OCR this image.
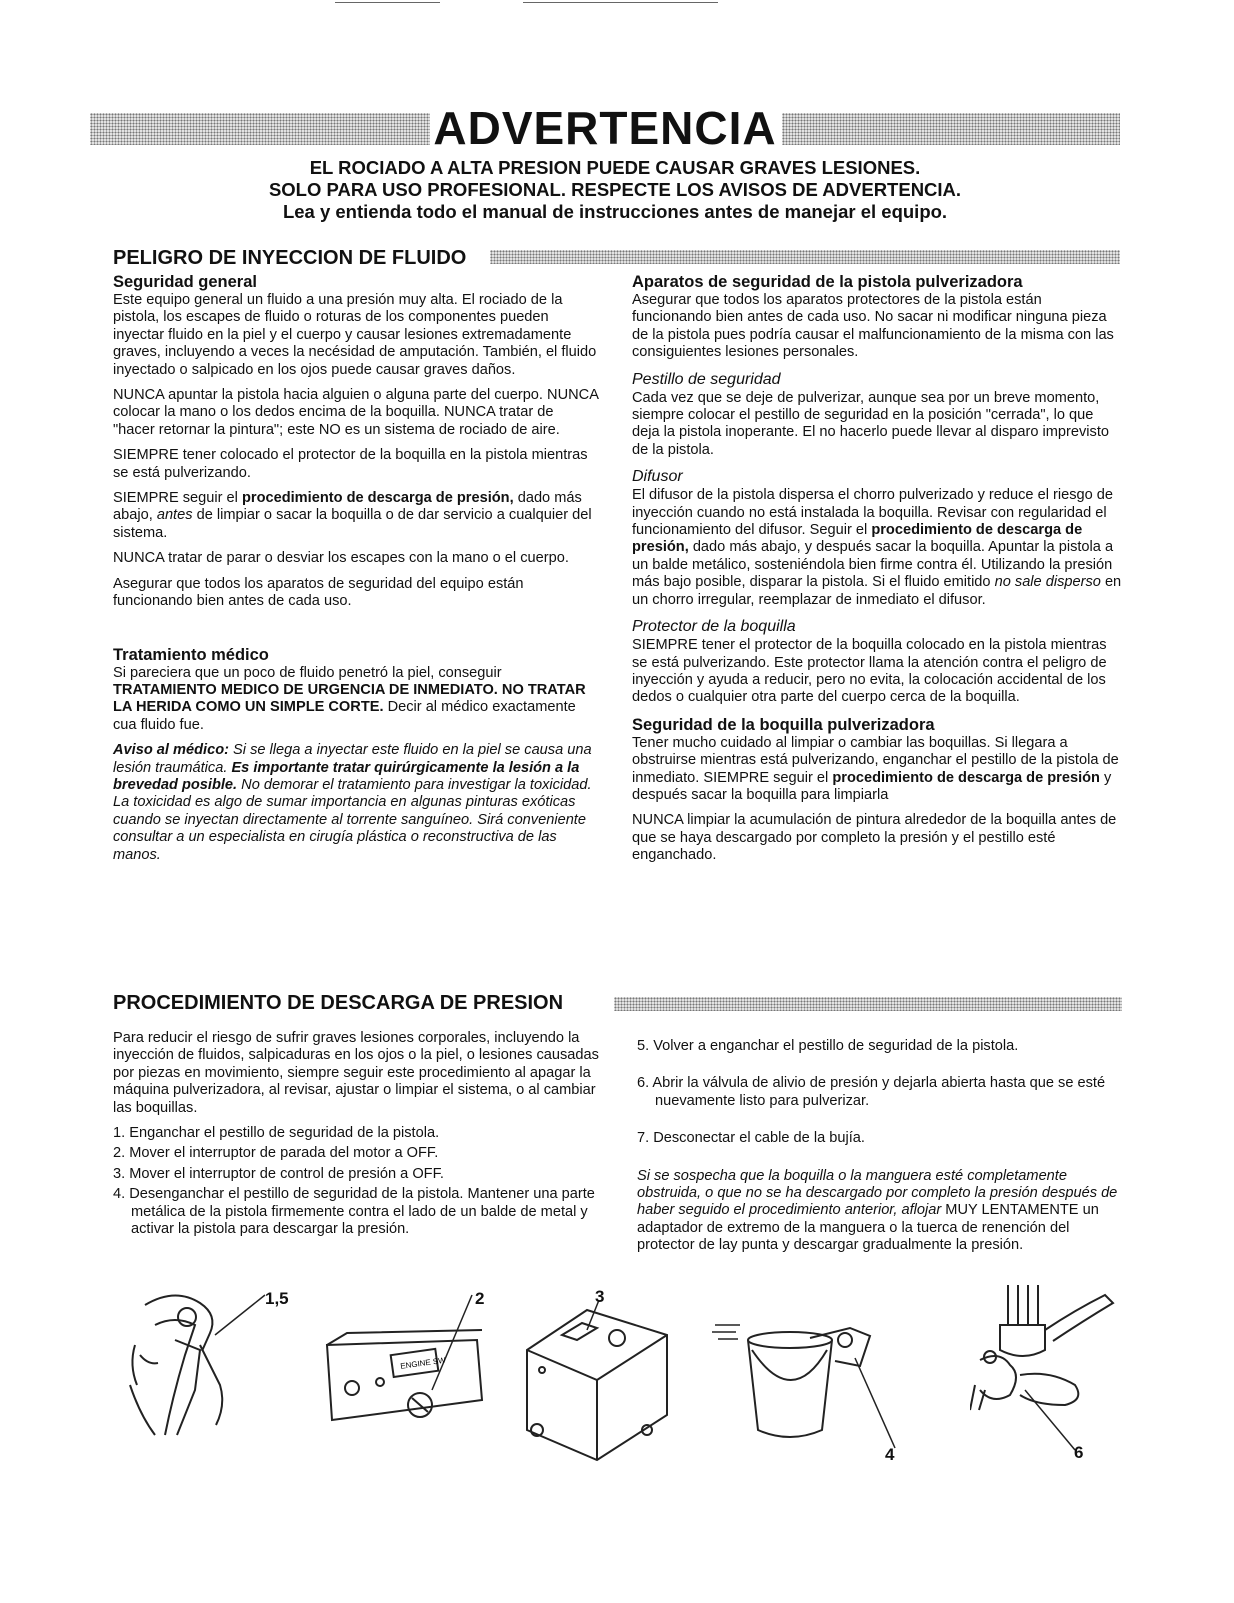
ADVERTENCIA

EL ROCIADO A ALTA PRESION PUEDE CAUSAR GRAVES LESIONES.

SOLO PARA USO PROFESIONAL. RESPECTE LOS AVISOS DE ADVERTENCIA.

Lea y entienda todo el manual de instrucciones antes de manejar el equipo.

PELIGRO DE INYECCION DE FLUIDO
Seguridad general

Este equipo general un fluido a una presión muy alta. El rociado de la pistola, los escapes de fluido o roturas de los componentes pueden inyectar fluido en la piel y el cuerpo y causar lesiones extremadamente graves, incluyendo a veces la necésidad de amputación. También, el fluido inyectado o salpicado en los ojos puede causar graves daños.

NUNCA apuntar la pistola hacia alguien o alguna parte del cuerpo. NUNCA colocar la mano o los dedos encima de la boquilla. NUNCA tratar de "hacer retornar la pintura"; este NO es un sistema de rociado de aire.

SIEMPRE tener colocado el protector de la boquilla en la pistola mientras se está pulverizando.

SIEMPRE seguir el procedimiento de descarga de presión, dado más abajo, antes de limpiar o sacar la boquilla o de dar servicio a cualquier del sistema.

NUNCA tratar de parar o desviar los escapes con la mano o el cuerpo.

Asegurar que todos los aparatos de seguridad del equipo están funcionando bien antes de cada uso.

Tratamiento médico

Si pareciera que un poco de fluido penetró la piel, conseguir TRATAMIENTO MEDICO DE URGENCIA DE INMEDIATO. NO TRATAR LA HERIDA COMO UN SIMPLE CORTE. Decir al médico exactamente cua fluido fue.

Aviso al médico: Si se llega a inyectar este fluido en la piel se causa una lesión traumática. Es importante tratar quirúrgicamente la lesión a la brevedad posible. No demorar el tratamiento para investigar la toxicidad. La toxicidad es algo de sumar importancia en algunas pinturas exóticas cuando se inyectan directamente al torrente sanguíneo. Sirá conveniente consultar a un especialista en cirugía plástica o reconstructiva de las manos.

Aparatos de seguridad de la pistola pulverizadora

Asegurar que todos los aparatos protectores de la pistola están funcionando bien antes de cada uso. No sacar ni modificar ninguna pieza de la pistola pues podría causar el malfuncionamiento de la misma con las consiguientes lesiones personales.

Pestillo de seguridad

Cada vez que se deje de pulverizar, aunque sea por un breve momento, siempre colocar el pestillo de seguridad en la posición "cerrada", lo que deja la pistola inoperante. El no hacerlo puede llevar al disparo imprevisto de la pistola.

Difusor

El difusor de la pistola dispersa el chorro pulverizado y reduce el riesgo de inyección cuando no está instalada la boquilla. Revisar con regularidad el funcionamiento del difusor. Seguir el procedimiento de descarga de presión, dado más abajo, y después sacar la boquilla. Apuntar la pistola a un balde metálico, sosteniéndola bien firme contra él. Utilizando la presión más bajo posible, disparar la pistola. Si el fluido emitido no sale disperso en un chorro irregular, reemplazar de inmediato el difusor.

Protector de la boquilla

SIEMPRE tener el protector de la boquilla colocado en la pistola mientras se está pulverizando. Este protector llama la atención contra el peligro de inyección y ayuda a reducir, pero no evita, la colocación accidental de los dedos o cualquier otra parte del cuerpo cerca de la boquilla.

Seguridad de la boquilla pulverizadora

Tener mucho cuidado al limpiar o cambiar las boquillas. Si llegara a obstruirse mientras está pulverizando, enganchar el pestillo de la pistola de inmediato. SIEMPRE seguir el procedimiento de descarga de presión y después sacar la boquilla para limpiarla

NUNCA limpiar la acumulación de pintura alrededor de la boquilla antes de que se haya descargado por completo la presión y el pestillo esté enganchado.

PROCEDIMIENTO DE DESCARGA DE PRESION

Para reducir el riesgo de sufrir graves lesiones corporales, incluyendo la inyección de fluidos, salpicaduras en los ojos o la piel, o lesiones causadas por piezas en movimiento, siempre seguir este procedimiento al apagar la máquina pulverizadora, al revisar, ajustar o limpiar el sistema, o al cambiar las boquillas.

1. Enganchar el pestillo de seguridad de la pistola.
2. Mover el interruptor de parada del motor a OFF.
3. Mover el interruptor de control de presión a OFF.
4. Desenganchar el pestillo de seguridad de la pistola. Mantener una parte metálica de la pistola firmemente contra el lado de un balde de metal y activar la pistola para descargar la presión.
5. Volver a enganchar el pestillo de seguridad de la pistola.
6. Abrir la válvula de alivio de presión y dejarla abierta hasta que se esté nuevamente listo para pulverizar.
7. Desconectar el cable de la bujía.

Si se sospecha que la boquilla o la manguera esté completamente obstruida, o que no se ha descargado por completo la presión después de haber seguido el procedimiento anterior, aflojar MUY LENTAMENTE un adaptador de extremo de la manguera o la tuerca de renención del protector de lay punta y descargar gradualmente la presión.

1,5
ENGINE SW
2	3
4	6
